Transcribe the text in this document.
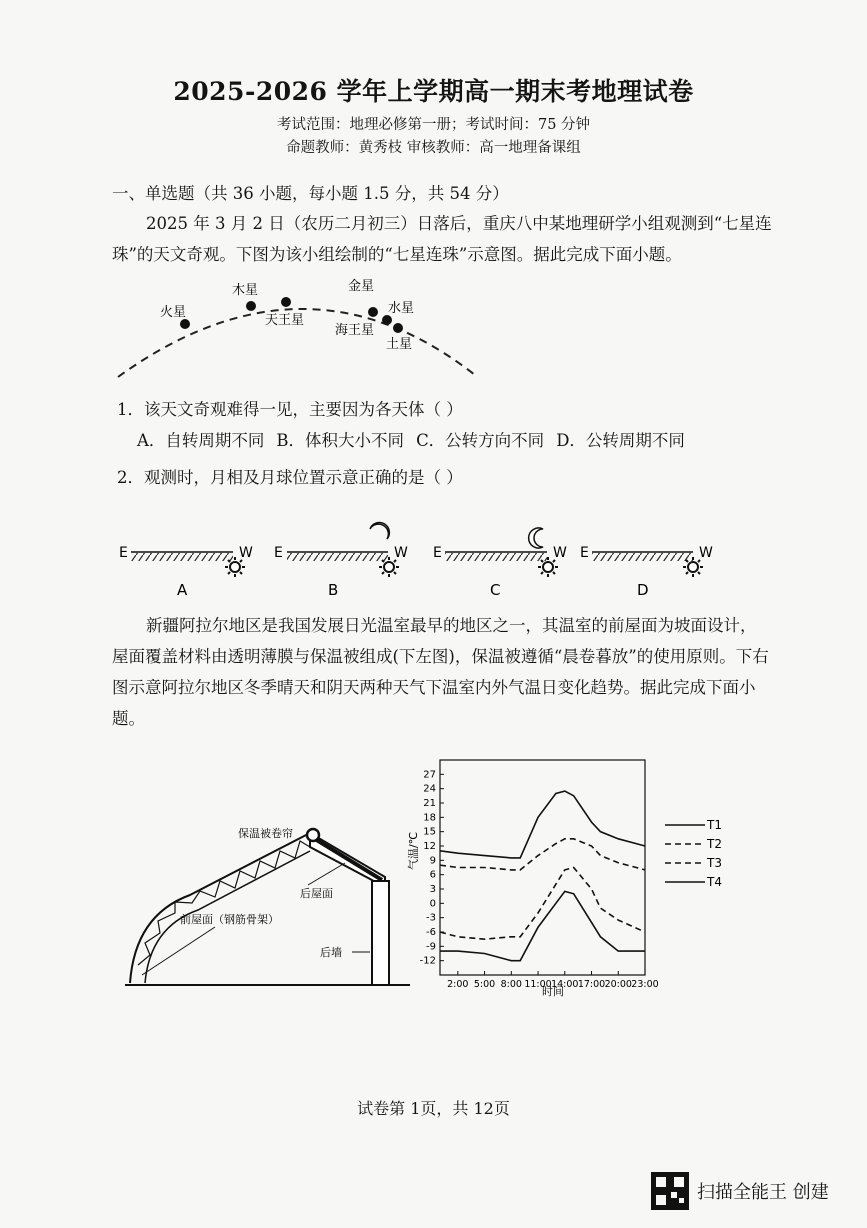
2025-2026 学年上学期高一期末考地理试卷
考试范围：地理必修第一册；考试时间：75 分钟
命题教师：黄秀枝 审核教师：高一地理备课组
一、单选题（共 36 小题，每小题 1.5 分，共 54 分）
2025 年 3 月 2 日（农历二月初三）日落后，重庆八中某地理研学小组观测到“七星连珠”的天文奇观。下图为该小组绘制的“七星连珠”示意图。据此完成下面小题。
火星
木星
天王星
金星
水星
海王星
土星
1．该天文奇观难得一见，主要因为各天体（ ）
A．自转周期不同 B．体积大小不同 C．公转方向不同 D．公转周期不同
2．观测时，月相及月球位置示意正确的是（ ）
E	W
A
E	W
B
E	W
C
E	W
D
新疆阿拉尔地区是我国发展日光温室最早的地区之一，其温室的前屋面为坡面设计，屋面覆盖材料由透明薄膜与保温被组成(下左图)，保温被遵循“晨卷暮放”的使用原则。下右图示意阿拉尔地区冬季晴天和阴天两种天气下温室内外气温日变化趋势。据此完成下面小题。
保温被卷帘
后屋面
前屋面（钢筋骨架）
后墙
27
24
21
18
15
12
9
6
3
0
-3
-6
-9
-12
2:00 5:00 8:00 11:00 14:00 17:00 20:00 23:00
T1
T2
T3
T4
气温/℃
时间
试卷第 1页，共 12页
扫描全能王 创建
